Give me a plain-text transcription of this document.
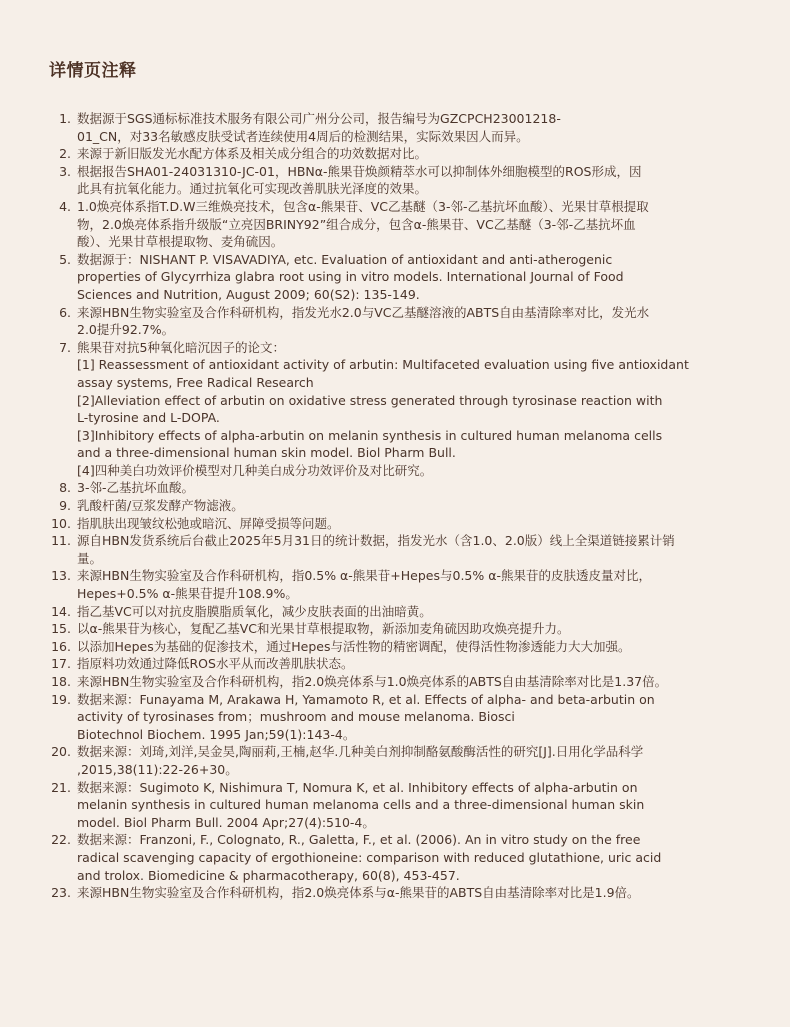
详情页注释
1. 数据源于SGS通标标准技术服务有限公司广州分公司，报告编号为GZCPCH23001218-
01_CN，对33名敏感皮肤受试者连续使用4周后的检测结果，实际效果因人而异。
2. 来源于新旧版发光水配方体系及相关成分组合的功效数据对比。
3. 根据报告SHA01-24031310-JC-01，HBNα-熊果苷焕颜精萃水可以抑制体外细胞模型的ROS形成，因
此具有抗氧化能力。通过抗氧化可实现改善肌肤光泽度的效果。
4. 1.0焕亮体系指T.D.W三维焕亮技术，包含α-熊果苷、VC乙基醚（3-邻-乙基抗坏血酸）、光果甘草根提取
物，2.0焕亮体系指升级版“立亮因BRINY92”组合成分，包含α-熊果苷、VC乙基醚（3-邻-乙基抗坏血
酸）、光果甘草根提取物、麦角硫因。
5. 数据源于：NISHANT P. VISAVADIYA, etc. Evaluation of antioxidant and anti-atherogenic
properties of Glycyrrhiza glabra root using in vitro models. International Journal of Food
Sciences and Nutrition, August 2009; 60(S2): 135-149.
6. 来源HBN生物实验室及合作科研机构，指发光水2.0与VC乙基醚溶液的ABTS自由基清除率对比，发光水
2.0提升92.7%。
7. 熊果苷对抗5种氧化暗沉因子的论文：
[1] Reassessment of antioxidant activity of arbutin: Multifaceted evaluation using five antioxidant
assay systems, Free Radical Research
[2]Alleviation effect of arbutin on oxidative stress generated through tyrosinase reaction with
L-tyrosine and L-DOPA.
[3]Inhibitory effects of alpha-arbutin on melanin synthesis in cultured human melanoma cells
and a three-dimensional human skin model. Biol Pharm Bull.
[4]四种美白功效评价模型对几种美白成分功效评价及对比研究。
8. 3-邻-乙基抗坏血酸。
9. 乳酸杆菌/豆浆发酵产物滤液。
10. 指肌肤出现皱纹松弛或暗沉、屏障受损等问题。
11. 源自HBN发货系统后台截止2025年5月31日的统计数据，指发光水（含1.0、2.0版）线上全渠道链接累计销
量。
13. 来源HBN生物实验室及合作科研机构，指0.5% α-熊果苷+Hepes与0.5% α-熊果苷的皮肤透皮量对比，
Hepes+0.5% α-熊果苷提升108.9%。
14. 指乙基VC可以对抗皮脂膜脂质氧化，减少皮肤表面的出油暗黄。
15. 以α-熊果苷为核心，复配乙基VC和光果甘草根提取物，新添加麦角硫因助攻焕亮提升力。
16. 以添加Hepes为基础的促渗技术，通过Hepes与活性物的精密调配，使得活性物渗透能力大大加强。
17. 指原料功效通过降低ROS水平从而改善肌肤状态。
18. 来源HBN生物实验室及合作科研机构，指2.0焕亮体系与1.0焕亮体系的ABTS自由基清除率对比是1.37倍。
19. 数据来源：Funayama M, Arakawa H, Yamamoto R, et al. Effects of alpha- and beta-arbutin on
activity of tyrosinases from；mushroom and mouse melanoma. Biosci
Biotechnol Biochem. 1995 Jan;59(1):143-4。
20. 数据来源：刘琦,刘洋,吴金昊,陶丽莉,王楠,赵华.几种美白剂抑制酪氨酸酶活性的研究[J].日用化学品科学
,2015,38(11):22-26+30。
21. 数据来源：Sugimoto K, Nishimura T, Nomura K, et al. Inhibitory effects of alpha-arbutin on
melanin synthesis in cultured human melanoma cells and a three-dimensional human skin
model. Biol Pharm Bull. 2004 Apr;27(4):510-4。
22. 数据来源：Franzoni, F., Colognato, R., Galetta, F., et al. (2006). An in vitro study on the free
radical scavenging capacity of ergothioneine: comparison with reduced glutathione, uric acid
and trolox. Biomedicine & pharmacotherapy, 60(8), 453-457.
23. 来源HBN生物实验室及合作科研机构，指2.0焕亮体系与α-熊果苷的ABTS自由基清除率对比是1.9倍。
